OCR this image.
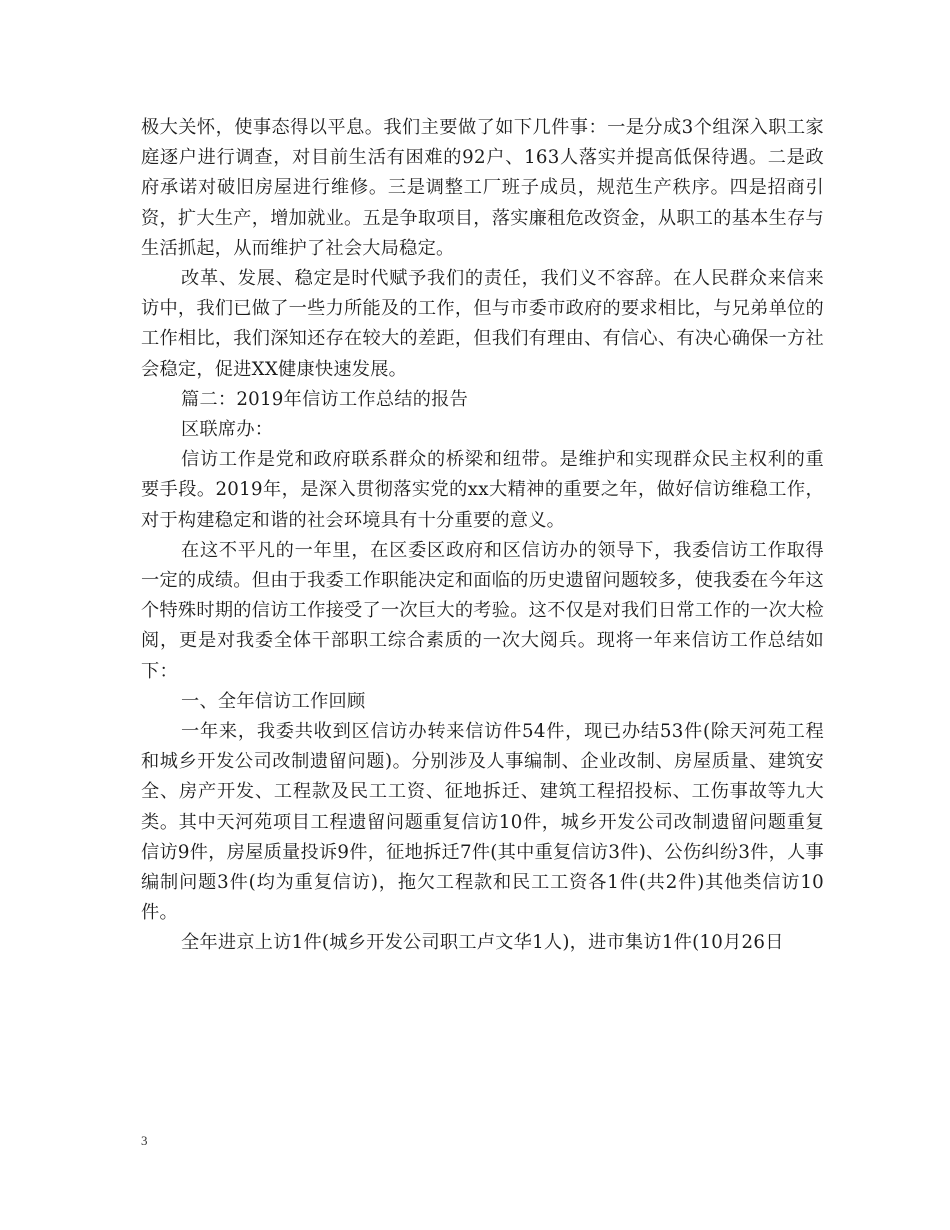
极大关怀，使事态得以平息。我们主要做了如下几件事：一是分成3个组深入职工家庭逐户进行调查，对目前生活有困难的92户、163人落实并提高低保待遇。二是政府承诺对破旧房屋进行维修。三是调整工厂班子成员，规范生产秩序。四是招商引资，扩大生产，增加就业。五是争取项目，落实廉租危改资金，从职工的基本生存与生活抓起，从而维护了社会大局稳定。

改革、发展、稳定是时代赋予我们的责任，我们义不容辞。在人民群众来信来访中，我们已做了一些力所能及的工作，但与市委市政府的要求相比，与兄弟单位的工作相比，我们深知还存在较大的差距，但我们有理由、有信心、有决心确保一方社会稳定，促进XX健康快速发展。

篇二：2019年信访工作总结的报告

区联席办：

信访工作是党和政府联系群众的桥梁和纽带。是维护和实现群众民主权利的重要手段。2019年，是深入贯彻落实党的xx大精神的重要之年，做好信访维稳工作，对于构建稳定和谐的社会环境具有十分重要的意义。

在这不平凡的一年里，在区委区政府和区信访办的领导下，我委信访工作取得一定的成绩。但由于我委工作职能决定和面临的历史遗留问题较多，使我委在今年这个特殊时期的信访工作接受了一次巨大的考验。这不仅是对我们日常工作的一次大检阅，更是对我委全体干部职工综合素质的一次大阅兵。现将一年来信访工作总结如下：

一、全年信访工作回顾

一年来，我委共收到区信访办转来信访件54件，现已办结53件(除天河苑工程和城乡开发公司改制遗留问题)。分别涉及人事编制、企业改制、房屋质量、建筑安全、房产开发、工程款及民工工资、征地拆迁、建筑工程招投标、工伤事故等九大类。其中天河苑项目工程遗留问题重复信访10件，城乡开发公司改制遗留问题重复信访9件，房屋质量投诉9件，征地拆迁7件(其中重复信访3件)、公伤纠纷3件，人事编制问题3件(均为重复信访)，拖欠工程款和民工工资各1件(共2件)其他类信访10件。

全年进京上访1件(城乡开发公司职工卢文华1人)，进市集访1件(10月26日

3
